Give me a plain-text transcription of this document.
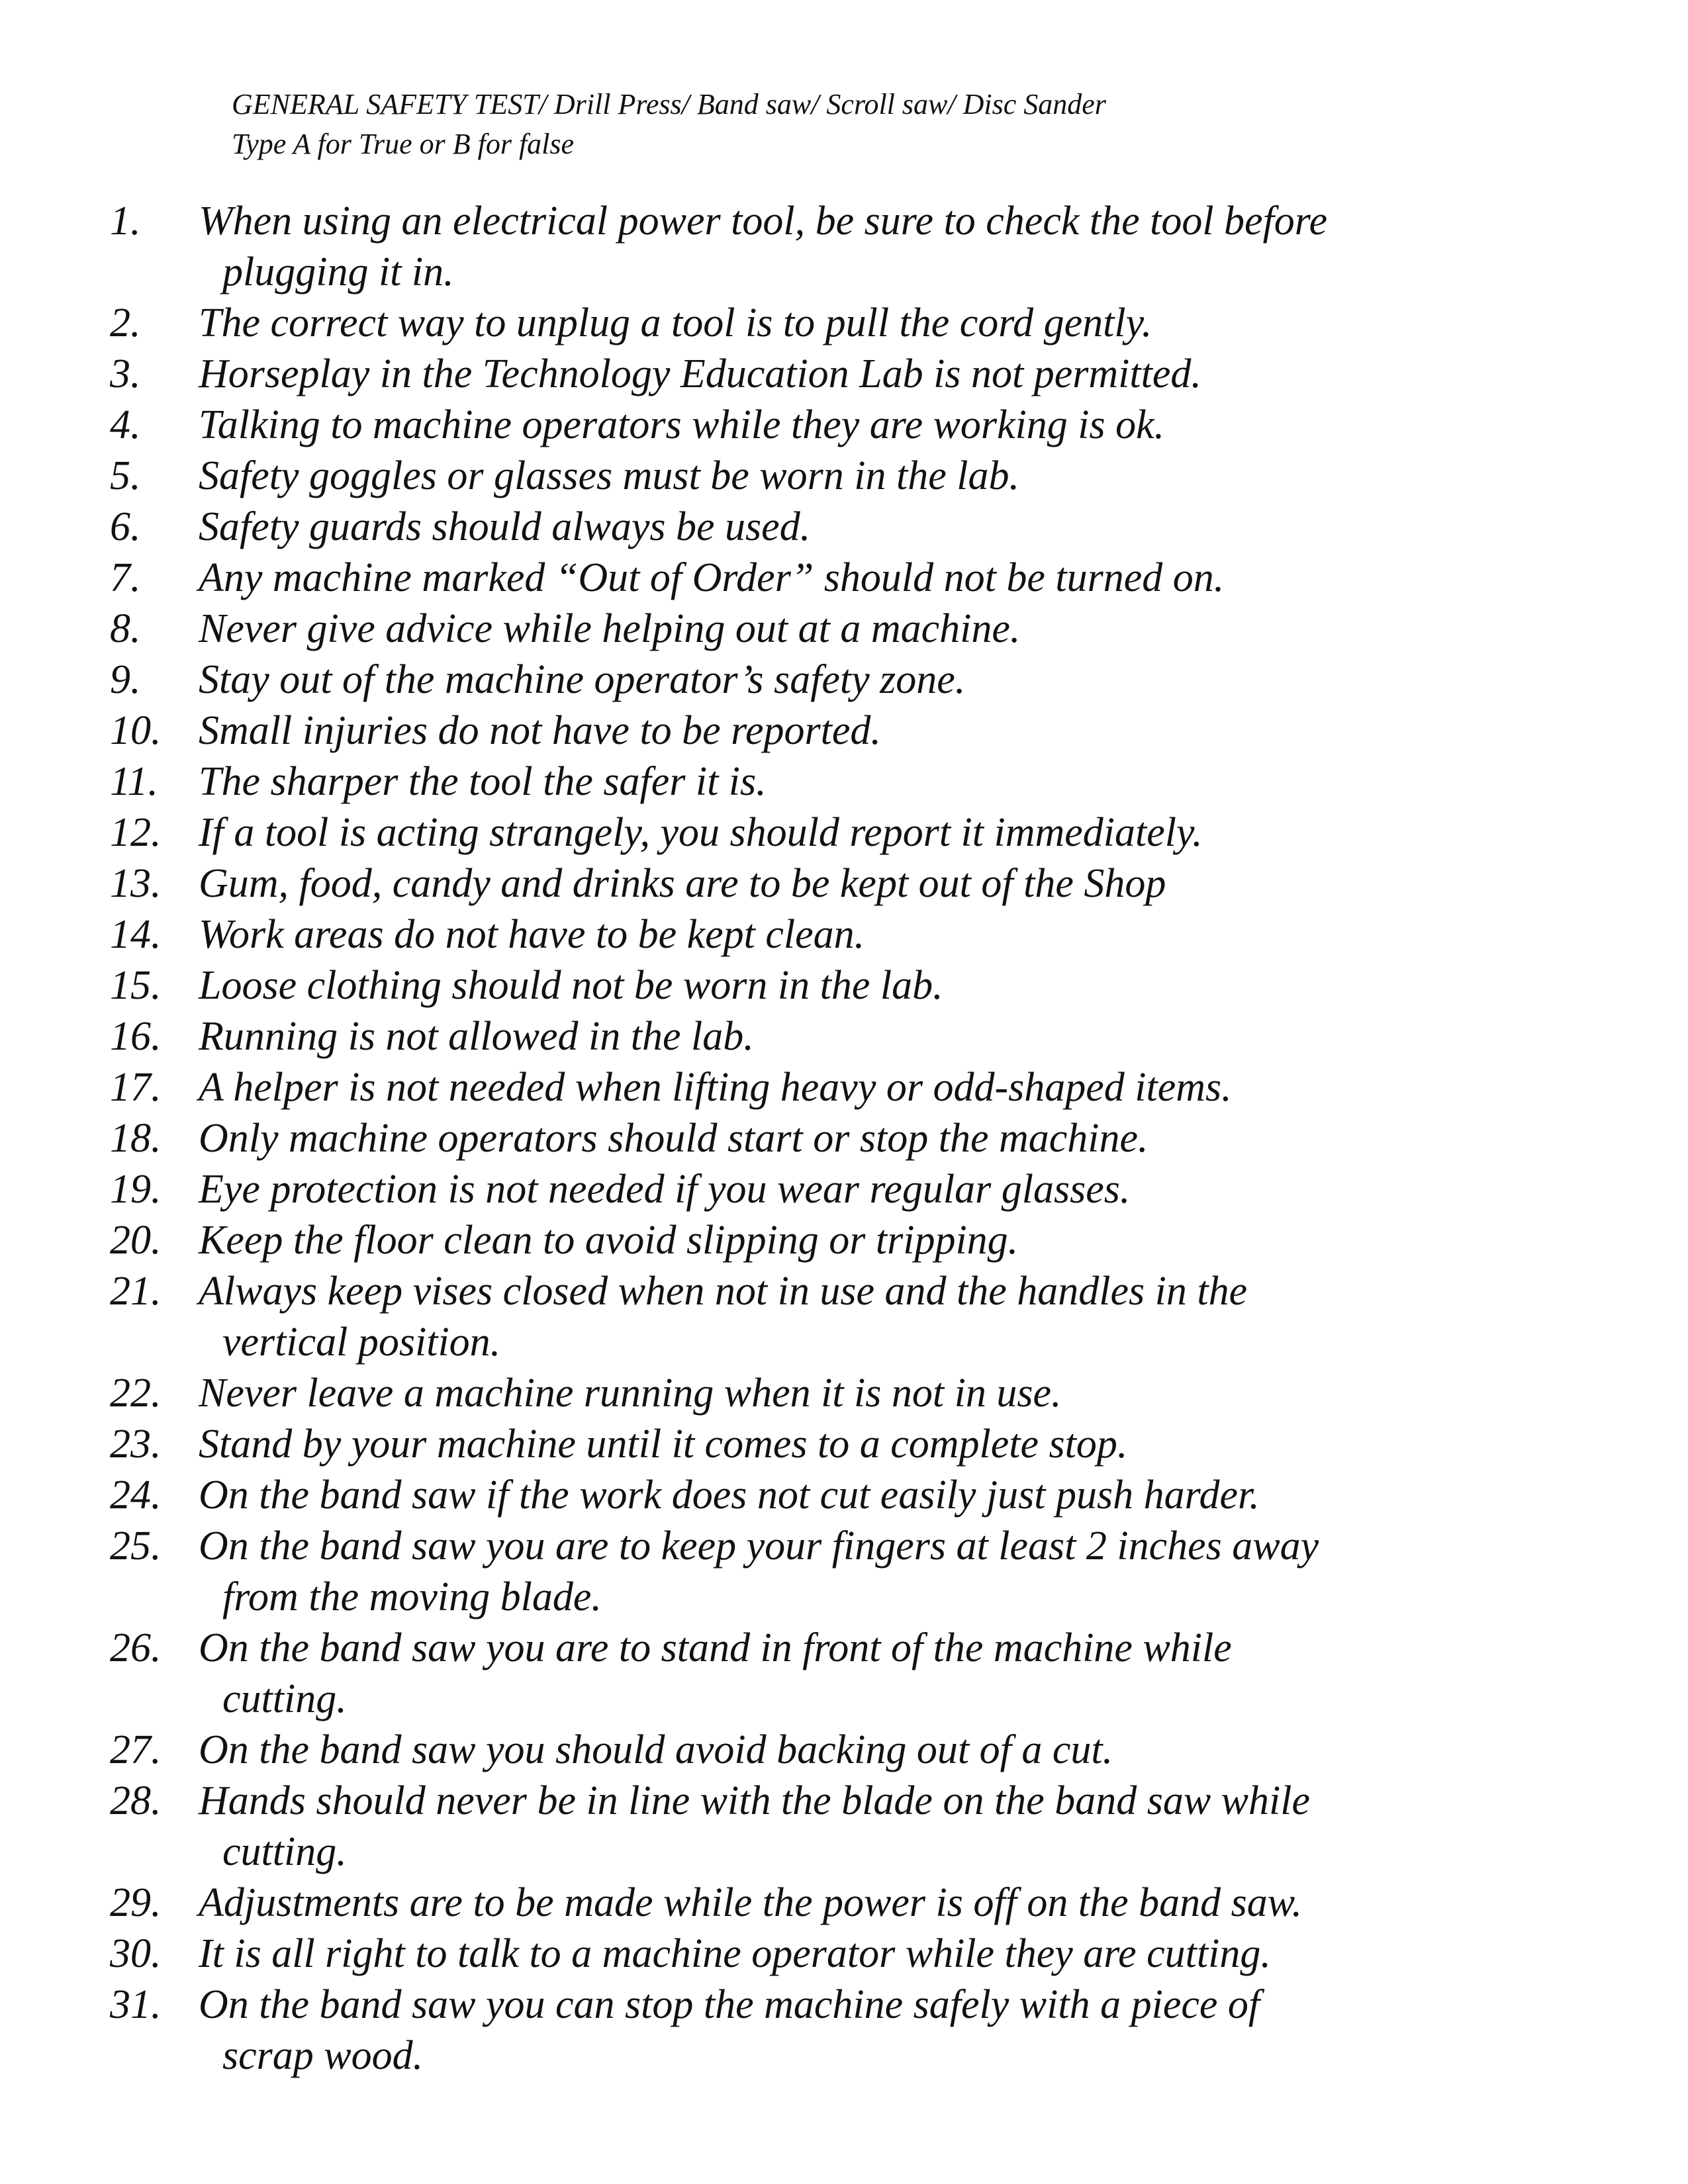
GENERAL SAFETY TEST/ Drill Press/ Band saw/ Scroll saw/ Disc Sander
Type A for True or B for false
1.	When using an electrical power tool, be sure to check the tool before
plugging it in.
2.	The correct way to unplug a tool is to pull the cord gently.
3.	Horseplay in the Technology Education Lab is not permitted.
4.	Talking to machine operators while they are working is ok.
5.	Safety goggles or glasses must be worn in the lab.
6.	Safety guards should always be used.
7.	Any machine marked “Out of Order” should not be turned on.
8.	Never give advice while helping out at a machine.
9.	Stay out of the machine operator’s safety zone.
10. Small injuries do not have to be reported.
11. The sharper the tool the safer it is.
12. If a tool is acting strangely, you should report it immediately.
13. Gum, food, candy and drinks are to be kept out of the Shop
14. Work areas do not have to be kept clean.
15. Loose clothing should not be worn in the lab.
16. Running is not allowed in the lab.
17. A helper is not needed when lifting heavy or odd-shaped items.
18. Only machine operators should start or stop the machine.
19. Eye protection is not needed if you wear regular glasses.
20. Keep the floor clean to avoid slipping or tripping.
21. Always keep vises closed when not in use and the handles in the
vertical position.
22. Never leave a machine running when it is not in use.
23. Stand by your machine until it comes to a complete stop.
24. On the band saw if the work does not cut easily just push harder.
25. On the band saw you are to keep your fingers at least 2 inches away
from the moving blade.
26. On the band saw you are to stand in front of the machine while
cutting.
27. On the band saw you should avoid backing out of a cut.
28. Hands should never be in line with the blade on the band saw while
cutting.
29. Adjustments are to be made while the power is off on the band saw.
30. It is all right to talk to a machine operator while they are cutting.
31. On the band saw you can stop the machine safely with a piece of
scrap wood.
